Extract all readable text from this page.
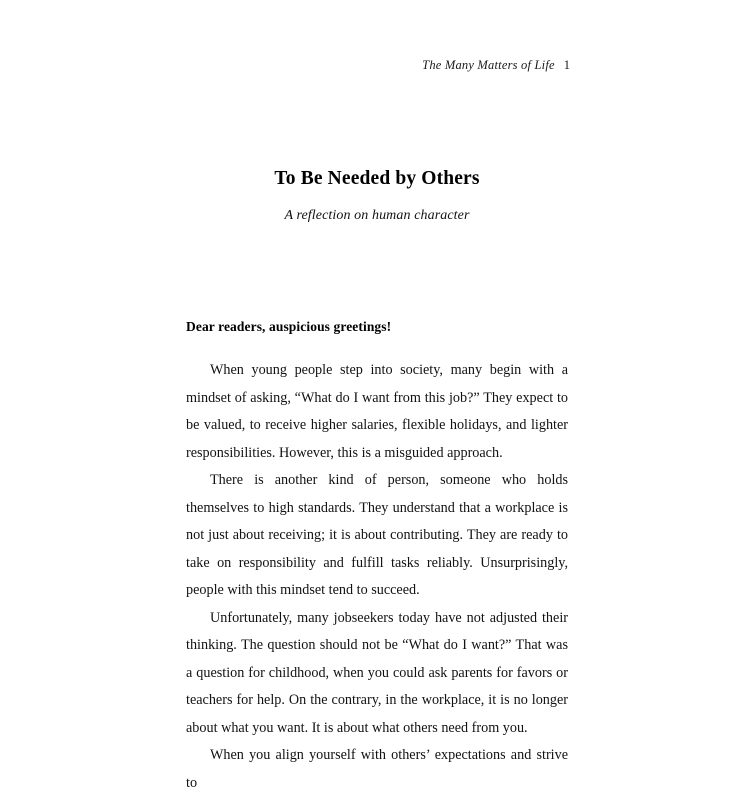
The Many Matters of Life 1
To Be Needed by Others
A reflection on human character
Dear readers, auspicious greetings!

When young people step into society, many begin with a mindset of asking, “What do I want from this job?” They expect to be valued, to receive higher salaries, flexible holidays, and lighter responsibilities. However, this is a misguided approach.

There is another kind of person, someone who holds themselves to high standards. They understand that a workplace is not just about receiving; it is about contributing. They are ready to take on responsibility and fulfill tasks reliably. Unsurprisingly, people with this mindset tend to succeed.

Unfortunately, many jobseekers today have not adjusted their thinking. The question should not be “What do I want?” That was a question for childhood, when you could ask parents for favors or teachers for help. On the contrary, in the workplace, it is no longer about what you want. It is about what others need from you.

When you align yourself with others’ expectations and strive to
